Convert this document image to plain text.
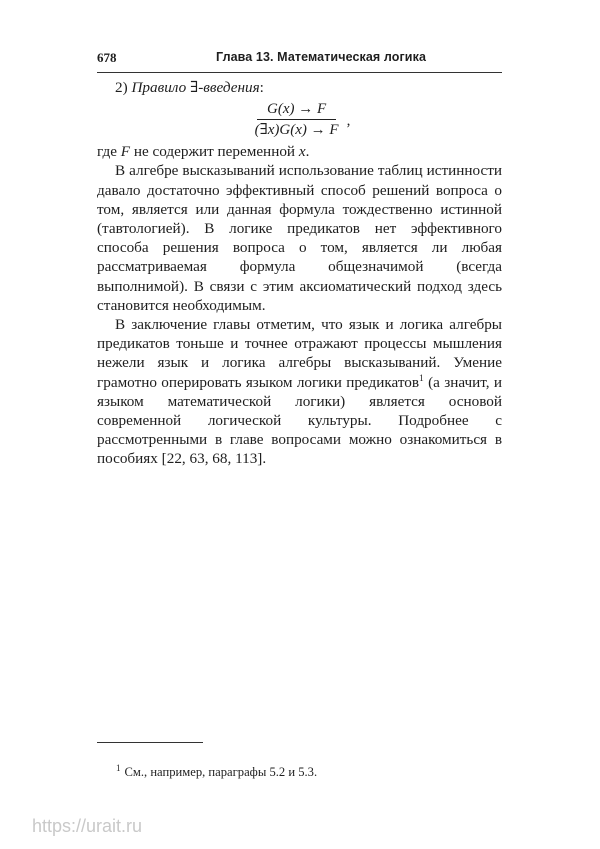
678	Глава 13. Математическая логика

2) Правило ∃-введения:

$\frac{G(x) \to F}{(\exists x)G(x) \to F}$ ,

где F не содержит переменной x.

В алгебре высказываний использование таблиц истинности давало достаточно эффективный способ решений вопроса о том, является или данная формула тождественно истинной (тавтологией). В логике предикатов нет эффективного способа решения вопроса о том, является ли любая рассматриваемая формула общезначимой (всегда выполнимой). В связи с этим аксиоматический подход здесь становится необходимым.

В заключение главы отметим, что язык и логика алгебры предикатов тоньше и точнее отражают процессы мышления нежели язык и логика алгебры высказываний. Умение грамотно оперировать языком логики предикатов$^1$ (а значит, и языком математической логики) является основой современной логической культуры. Подробнее с рассмотренными в главе вопросами можно ознакомиться в пособиях [22, 63, 68, 113].

$^1$ См., например, параграфы 5.2 и 5.3.
https://urait.ru
